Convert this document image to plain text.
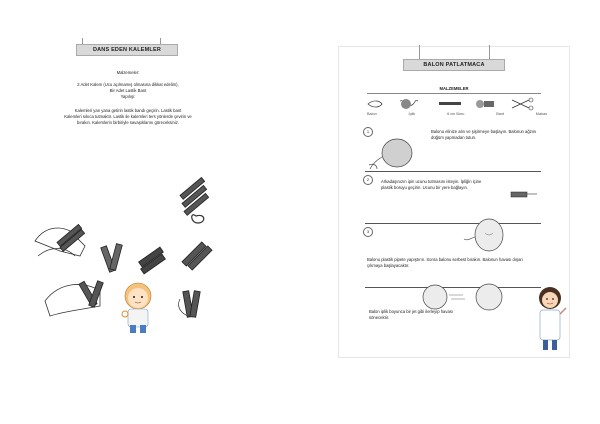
DANS EDEN KALEMLER
Malzemeler:
2 Adet Kalem (Ucu açılmamış olmasına dikkat edelim),
Bir Adet Lastik Bant
Yapılışı:
Kalemleri yan yana getirin lastik bandı geçirin. Lastik bant
Kalemleri sıkıca tutmaktır. Lastik ile kalemleri ters yönlerde çevirin ve
bırakın. Kalemlerin birbiriyle savaşıklarını göreceksiniz.
BALON PATLATMACA
MALZEMELER
Balon	İplik	6 cm Boru	Bant	Makas
1	Balonu elinize alın ve şişirmeye başlayın. Balonun ağzını düğüm yapmadan tutun.
2	Arkadaşınızın ipin ucunu tutmasını isteyin. İpliğin içine plastik boruyu geçirin. Ucunu bir yere bağlayın.
3
Balonu plastik pipete yapıştırın. Sonra balonu serbest bırakın. Balonun havası dışarı çıkmaya başlayacaktır.
Balon iplik boyunca bir jet gibi ilerleyip havası sönecektir.
